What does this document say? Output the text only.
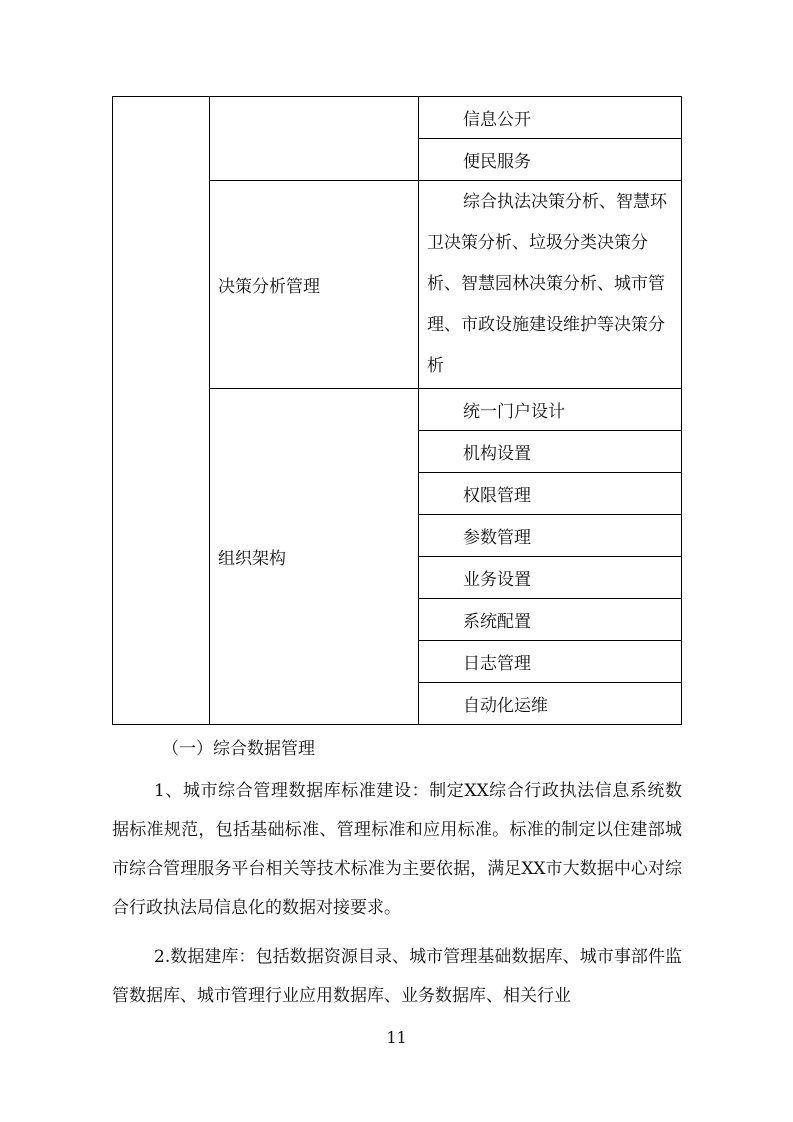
		信息公开

		便民服务

	决策分析管理	综合执法决策分析、智慧环卫决策分析、垃圾分类决策分析、智慧园林决策分析、城市管理、市政设施建设维护等决策分析

	组织架构	统一门户设计

		机构设置

		权限管理

		参数管理

		业务设置

		系统配置

		日志管理

		自动化运维
（一）综合数据管理
1、城市综合管理数据库标准建设：制定XX综合行政执法信息系统数据标准规范，包括基础标准、管理标准和应用标准。标准的制定以住建部城市综合管理服务平台相关等技术标准为主要依据，满足XX市大数据中心对综合行政执法局信息化的数据对接要求。
2.数据建库：包括数据资源目录、城市管理基础数据库、城市事部件监管数据库、城市管理行业应用数据库、业务数据库、相关行业
11
